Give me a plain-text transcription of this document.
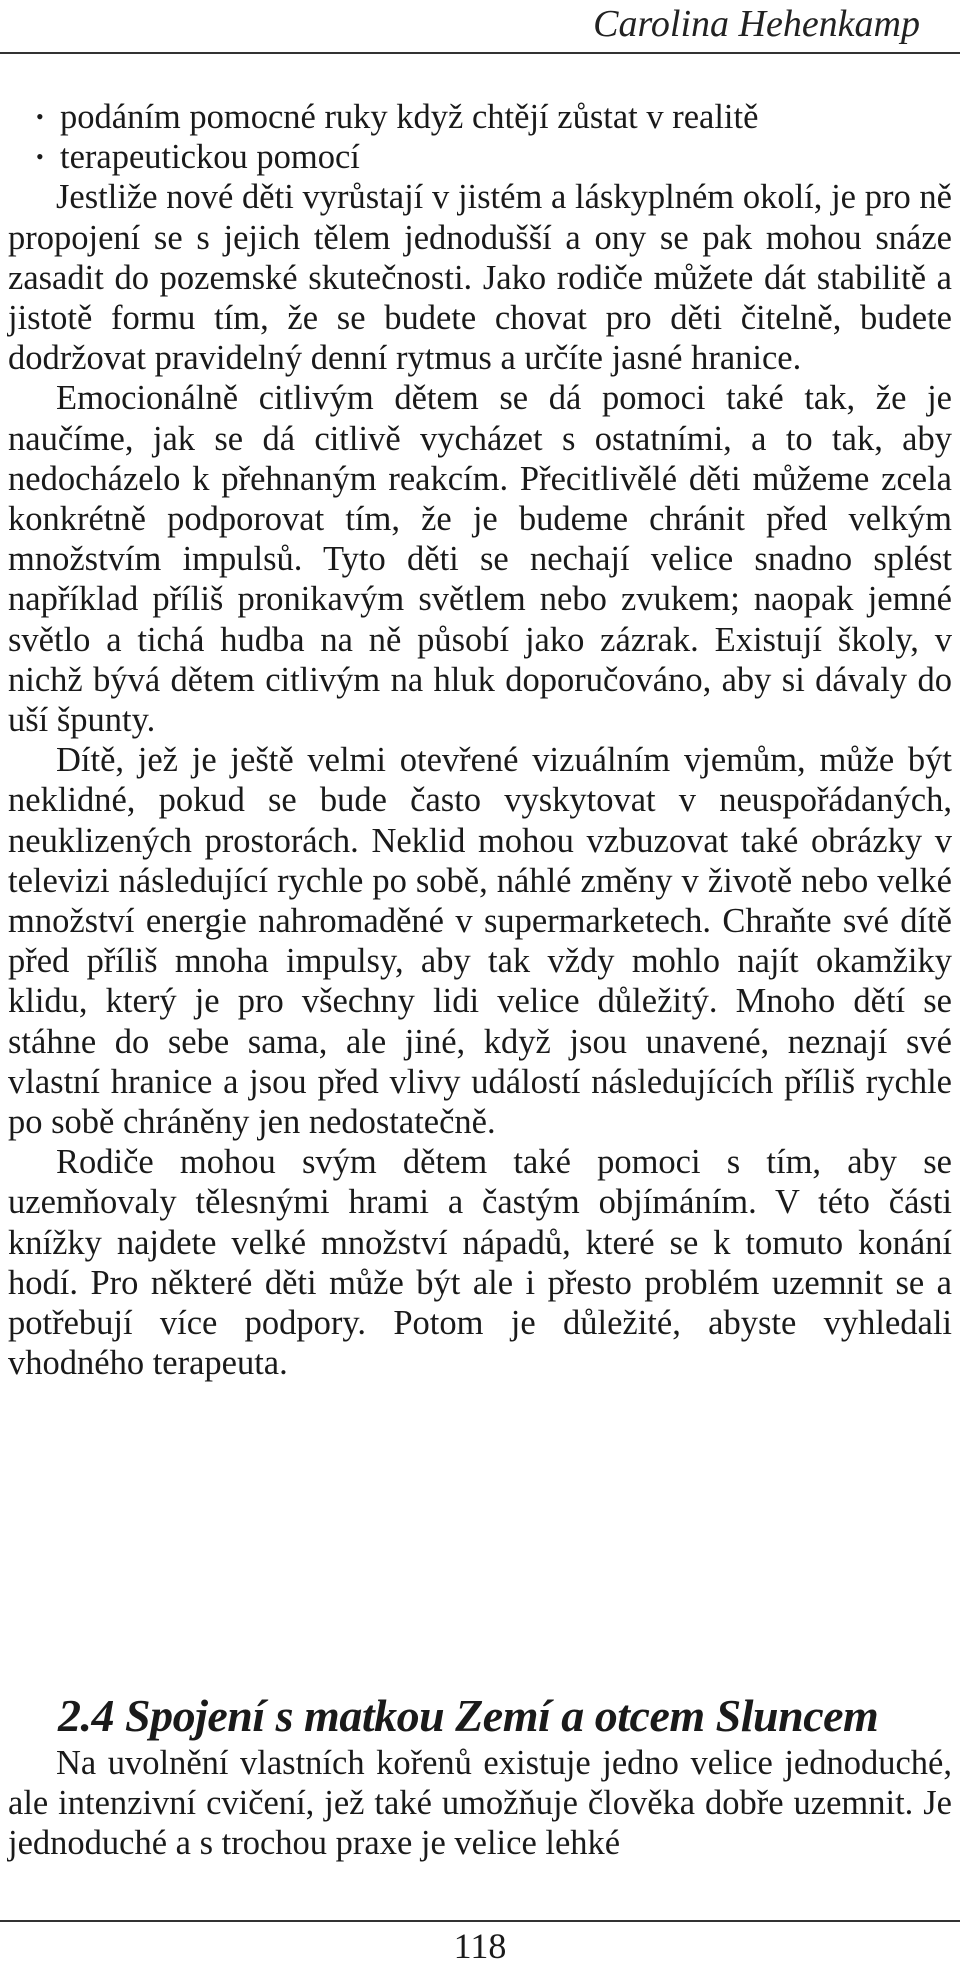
Carolina Hehenkamp
• podáním pomocné ruky když chtějí zůstat v realitě
• terapeutickou pomocí

Jestliže nové děti vyrůstají v jistém a láskyplném okolí, je pro ně propojení se s jejich tělem jednodušší a ony se pak mohou snáze zasadit do pozemské skutečnosti. Jako rodiče můžete dát stabilitě a jistotě formu tím, že se budete chovat pro děti čitelně, budete dodržovat pravidelný denní rytmus a určíte jasné hranice.

Emocionálně citlivým dětem se dá pomoci také tak, že je naučíme, jak se dá citlivě vycházet s ostatními, a to tak, aby nedocházelo k přehnaným reakcím. Přecitlivělé děti můžeme zcela konkrétně podporovat tím, že je budeme chránit před velkým množstvím impulsů. Tyto děti se nechají velice snadno splést například příliš pronikavým světlem nebo zvukem; naopak jemné světlo a tichá hudba na ně působí jako zázrak. Existují školy, v nichž bývá dětem citlivým na hluk doporučováno, aby si dávaly do uší špunty.

Dítě, jež je ještě velmi otevřené vizuálním vjemům, může být neklidné, pokud se bude často vyskytovat v neuspořádaných, neuklizených prostorách. Neklid mohou vzbuzovat také obrázky v televizi následující rychle po sobě, náhlé změny v životě nebo velké množství energie nahromaděné v supermarketech. Chraňte své dítě před příliš mnoha impulsy, aby tak vždy mohlo najít okamžiky klidu, který je pro všechny lidi velice důležitý. Mnoho dětí se stáhne do sebe sama, ale jiné, když jsou unavené, neznají své vlastní hranice a jsou před vlivy událostí následujících příliš rychle po sobě chráněny jen nedostatečně.

Rodiče mohou svým dětem také pomoci s tím, aby se uzemňovaly tělesnými hrami a častým objímáním. V této části knížky najdete velké množství nápadů, které se k tomuto konání hodí. Pro některé děti může být ale i přesto problém uzemnit se a potřebují více podpory. Potom je důležité, abyste vyhledali vhodného terapeuta.

2.4 Spojení s matkou Zemí a otcem Sluncem

Na uvolnění vlastních kořenů existuje jedno velice jednoduché, ale intenzivní cvičení, jež také umožňuje člověka dobře uzemnit. Je jednoduché a s trochou praxe je velice lehké

118
